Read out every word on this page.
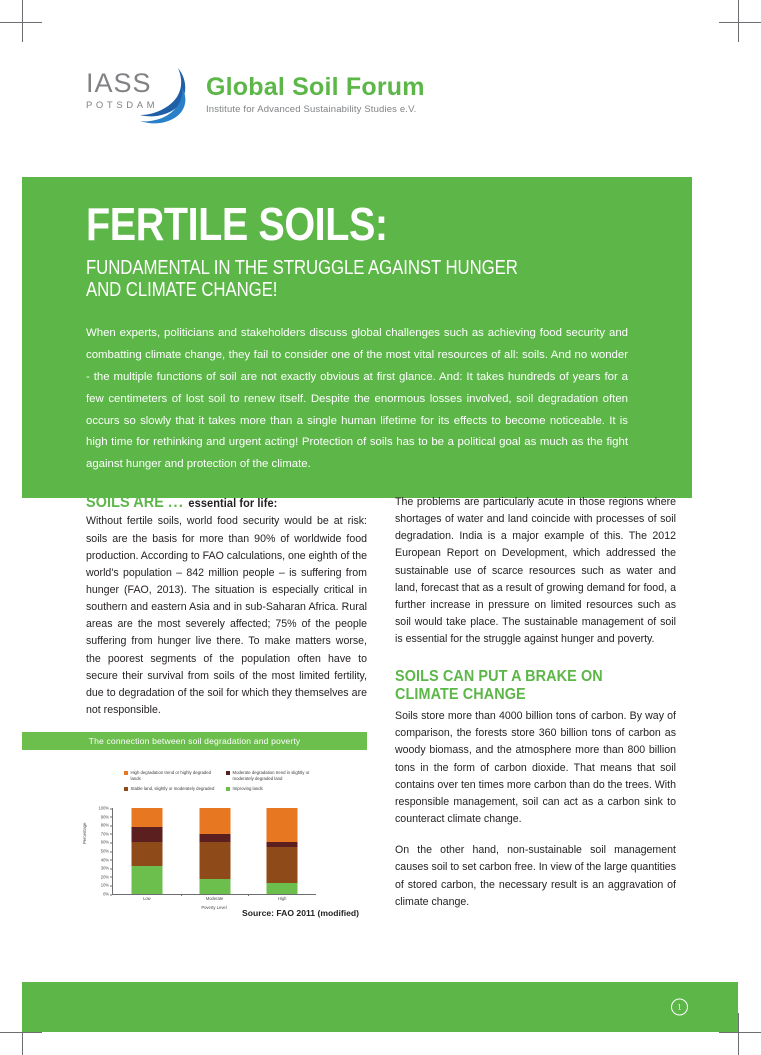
IASS
POTSDAM
Global Soil Forum
Institute for Advanced Sustainability Studies e.V.
FERTILE SOILS:
FUNDAMENTAL IN THE STRUGGLE AGAINST HUNGER AND CLIMATE CHANGE!
When experts, politicians and stakeholders discuss global challenges such as achieving food security and combatting climate change, they fail to consider one of the most vital resources of all: soils. And no wonder - the multiple functions of soil are not exactly obvious at first glance. And: It takes hundreds of years for a few centimeters of lost soil to renew itself. Despite the enormous losses involved, soil degradation often occurs so slowly that it takes more than a single human lifetime for its effects to become noticeable. It is high time for rethinking and urgent acting! Protection of soils has to be a political goal as much as the fight against hunger and protection of the climate.
SOILS ARE ... essential for life:

Without fertile soils, world food security would be at risk: soils are the basis for more than 90% of worldwide food production. According to FAO calculations, one eighth of the world's population – 842 million people – is suffering from hunger (FAO, 2013). The situation is especially critical in southern and eastern Asia and in sub-Saharan Africa. Rural areas are the most severely affected; 75% of the people suffering from hunger live there. To make matters worse, the poorest segments of the population often have to secure their survival from soils of the most limited fertility, due to degradation of the soil for which they themselves are not responsible.

The problems are particularly acute in those regions where shortages of water and land coincide with processes of soil degradation. India is a major example of this. The 2012 European Report on Development, which addressed the sustainable use of scarce resources such as water and land, forecast that as a result of growing demand for food, a further increase in pressure on limited resources such as soil would take place. The sustainable management of soil is essential for the struggle against hunger and poverty.

SOILS CAN PUT A BRAKE ON CLIMATE CHANGE

Soils store more than 4000 billion tons of carbon. By way of comparison, the forests store 360 billion tons of carbon as woody biomass, and the atmosphere more than 800 billion tons in the form of carbon dioxide. That means that soil contains over ten times more carbon than do the trees. With responsible management, soil can act as a carbon sink to counteract climate change.

On the other hand, non-sustainable soil management causes soil to set carbon free. In view of the large quantities of stored carbon, the necessary result is an aggravation of climate change.

The connection between soil degradation and poverty
High degradation trend or highly degraded lands
Stable land, slightly or moderately degraded
Moderate degradation trend in slightly or moderately degraded land
Improving lands
Percentage
0%
10%
20%
30%
40%
50%
60%
70%
80%
90%
100%
Low	Moderate	High
Poverty Level
Source: FAO 2011 (modified)
1
